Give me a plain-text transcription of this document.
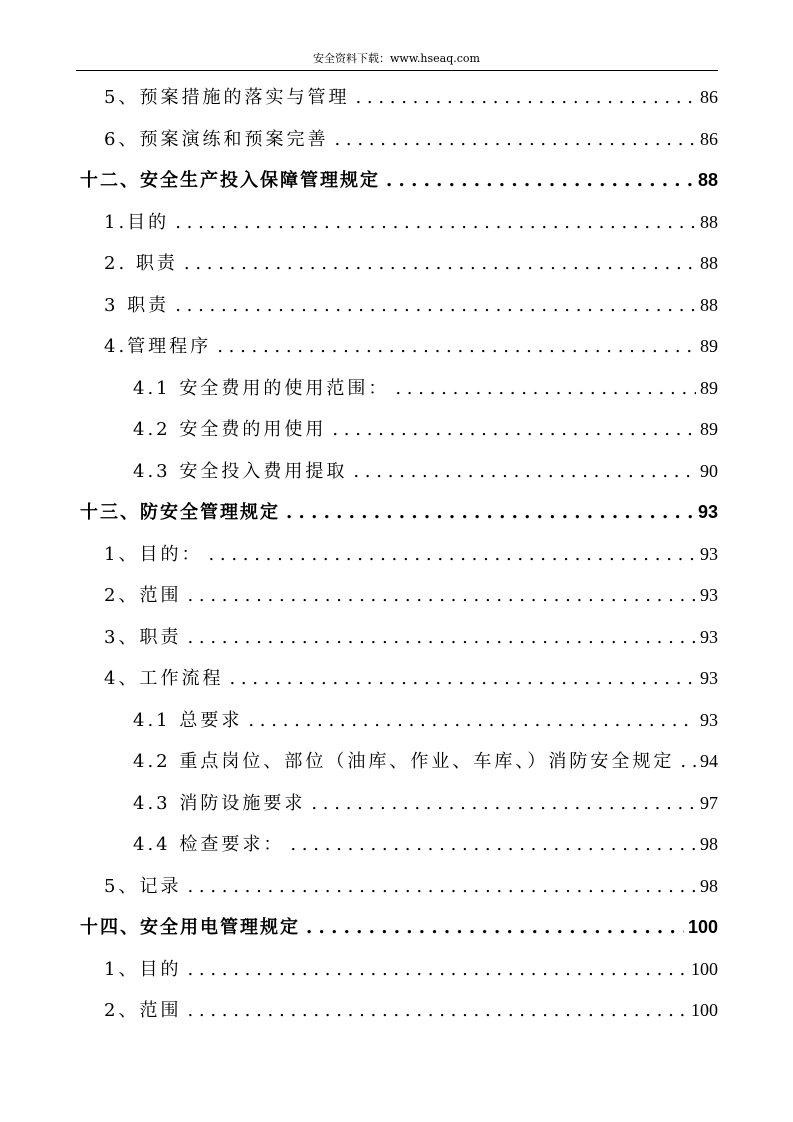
安全资料下载：www.hseaq.com
5、预案措施的落实与管理 . . .	86
6、预案演练和预案完善 . . .	86
十二、安全生产投入保障管理规定 . . .	88
1.目的 . . .	88
2. 职责 . . .	88
3 职责 . . .	88
4.管理程序 . . .	89
4.1 安全费用的使用范围： . . .	89
4.2 安全费的用使用 . . .	89
4.3 安全投入费用提取 . . .	90
十三、防安全管理规定 . . .	93
1、目的： . . .	93
2、范围 . . .	93
3、职责 . . .	93
4、工作流程 . . .	93
4.1 总要求 . . .	93
4.2 重点岗位、部位（油库、作业、车库、）消防安全规定 . . . 94
4.3 消防设施要求 . . .	97
4.4 检查要求： . . .	98
5、记录 . . .	98
十四、安全用电管理规定 . . .	100
1、目的 . . .	100
2、范围 . . .	100
